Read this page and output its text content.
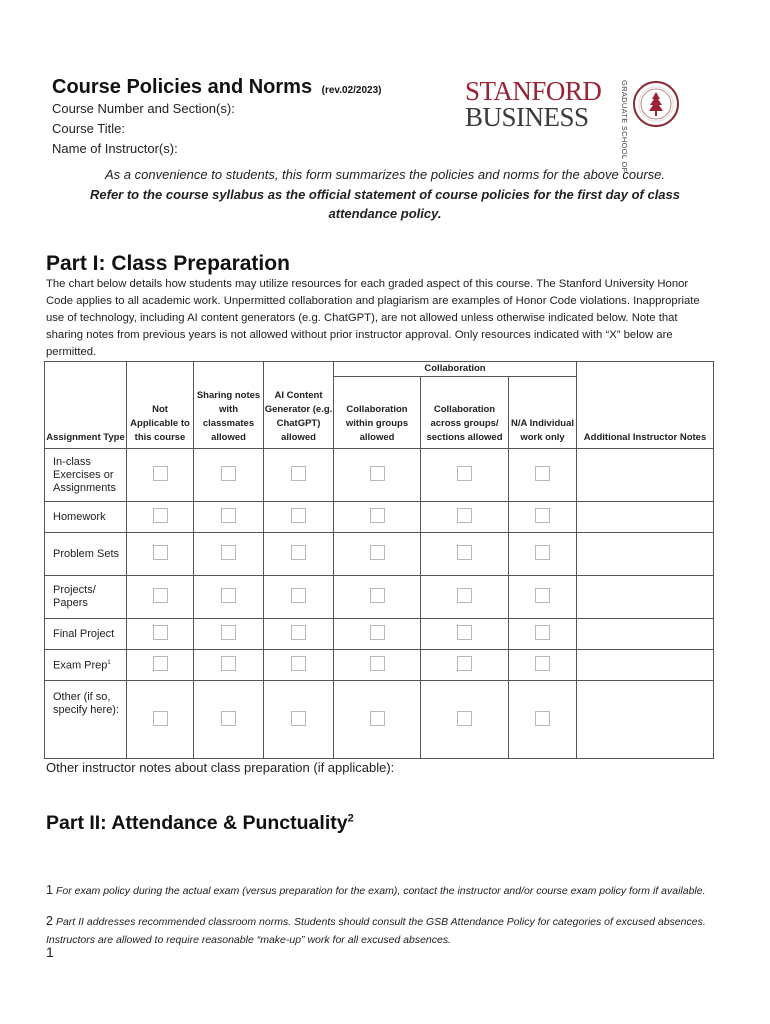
Course Policies and Norms (rev.02/2023)
Course Number and Section(s):
Course Title:
Name of Instructor(s):
STANFORD
BUSINESS	GRADUATE SCHOOL OF
As a convenience to students, this form summarizes the policies and norms for the above course.
Refer to the course syllabus as the official statement of course policies for the first day of class attendance policy.
Part I: Class Preparation
The chart below details how students may utilize resources for each graded aspect of this course. The Stanford University Honor Code applies to all academic work. Unpermitted collaboration and plagiarism are examples of Honor Code violations. Inappropriate use of technology, including AI content generators (e.g. ChatGPT), are not allowed unless otherwise indicated below. Note that sharing notes from previous years is not allowed without prior instructor approval. Only resources indicated with “X” below are permitted.
Assignment Type	Not Applicable to this course	Sharing notes with classmates allowed	AI Content Generator (e.g. ChatGPT) allowed	Collaboration			Additional Instructor Notes
				Collaboration within groups allowed	Collaboration across groups/ sections allowed	N/A Individual work only	
In-class Exercises or Assignments							
Homework							
Problem Sets							
Projects/ Papers							
Final Project							
Exam Prep$^1$							
Other (if so, specify here):							
Other instructor notes about class preparation (if applicable):
Part II: Attendance & Punctuality$^2$
1 For exam policy during the actual exam (versus preparation for the exam), contact the instructor and/or course exam policy form if available.
2 Part II addresses recommended classroom norms. Students should consult the GSB Attendance Policy for categories of excused absences. Instructors are allowed to require reasonable “make-up” work for all excused absences.
1
